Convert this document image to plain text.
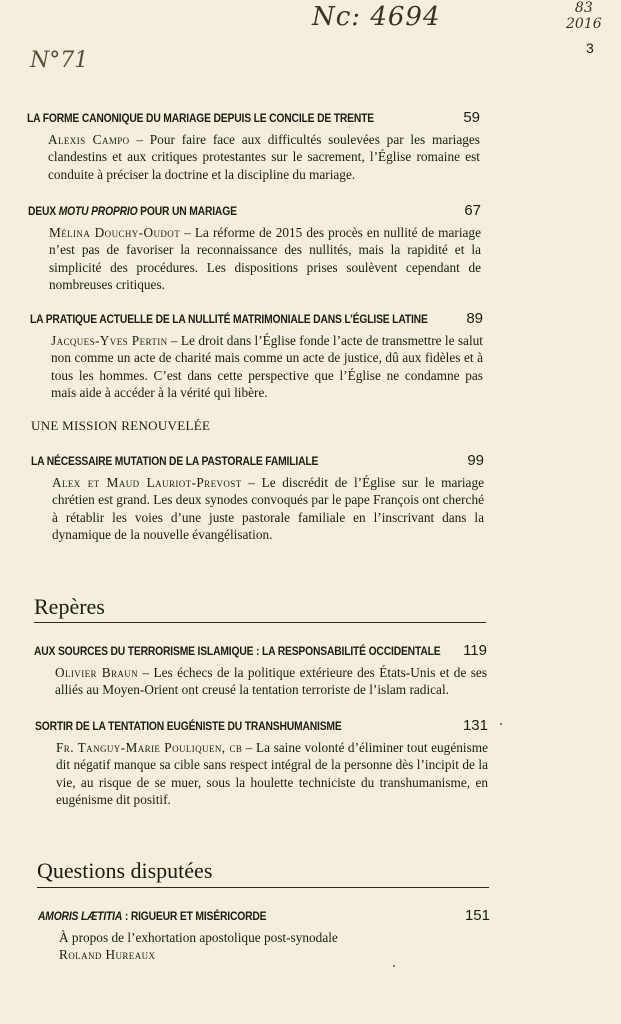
Nc: 4694
N°71
83
2016
3
LA FORME CANONIQUE DU MARIAGE DEPUIS LE CONCILE DE TRENTE	59

Alexis Campo – Pour faire face aux difficultés soulevées par les mariages clandestins et aux critiques protestantes sur le sacrement, l’Église romaine est conduite à préciser la doctrine et la discipline du mariage.

DEUX MOTU PROPRIO POUR UN MARIAGE	67

Mélina Douchy-Oudot – La réforme de 2015 des procès en nullité de mariage n’est pas de favoriser la reconnaissance des nullités, mais la rapidité et la simplicité des procédures. Les dispositions prises soulèvent cependant de nombreuses critiques.

LA PRATIQUE ACTUELLE DE LA NULLITÉ MATRIMONIALE DANS L’ÉGLISE LATINE	89

Jacques-Yves Pertin – Le droit dans l’Église fonde l’acte de transmettre le salut non comme un acte de charité mais comme un acte de justice, dû aux fidèles et à tous les hommes. C’est dans cette perspective que l’Église ne condamne pas mais aide à accéder à la vérité qui libère.

UNE MISSION RENOUVELÉE
LA NÉCESSAIRE MUTATION DE LA PASTORALE FAMILIALE	99

Alex et Maud Lauriot-Prevost – Le discrédit de l’Église sur le mariage chrétien est grand. Les deux synodes convoqués par le pape François ont cherché à rétablir les voies d’une juste pastorale familiale en l’inscrivant dans la dynamique de la nouvelle évangélisation.

Repères
AUX SOURCES DU TERRORISME ISLAMIQUE : LA RESPONSABILITÉ OCCIDENTALE 119

Olivier Braun – Les échecs de la politique extérieure des États-Unis et de ses alliés au Moyen-Orient ont creusé la tentation terroriste de l’islam radical.

SORTIR DE LA TENTATION EUGÉNISTE DU TRANSHUMANISME	131

Fr. Tanguy-Marie Pouliquen, cb – La saine volonté d’éliminer tout eugénisme dit négatif manque sa cible sans respect intégral de la personne dès l’incipit de la vie, au risque de se muer, sous la houlette techniciste du transhumanisme, en eugénisme dit positif.

Questions disputées
AMORIS LÆTITIA : RIGUEUR ET MISÉRICORDE	151

À propos de l’exhortation apostolique post-synodale

Roland Hureaux
